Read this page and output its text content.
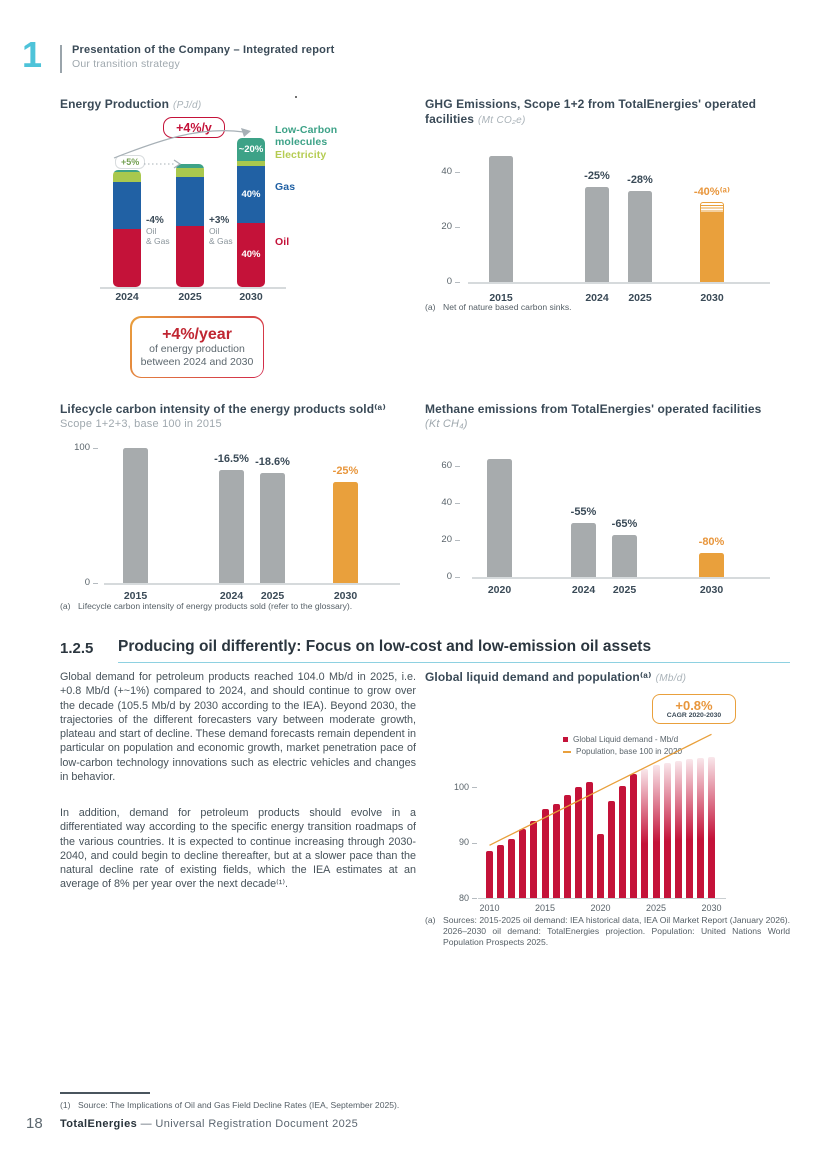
1	Presentation of the Company – Integrated report
Our transition strategy
Energy Production (PJ/d)
+4%/y
+5%
-4%
Oil
& Gas
+3%
Oil
& Gas
Low-Carbon molecules
Electricity
Gas
Oil
+4%/year
of energy production
between 2024 and 2030
GHG Emissions, Scope 1+2 from TotalEnergies' operated facilities (Mt CO₂e)
(a) Net of nature based carbon sinks.
Lifecycle carbon intensity of the energy products sold⁽ᵃ⁾
Scope 1+2+3, base 100 in 2015
(a) Lifecycle carbon intensity of energy products sold (refer to the glossary).
Methane emissions from TotalEnergies' operated facilities
(Kt CH₄)
1.2.5 Producing oil differently: Focus on low-cost and low-emission oil assets

Global demand for petroleum products reached 104.0 Mb/d in 2025, i.e. +0.8 Mb/d (+~1%) compared to 2024, and should continue to grow over the decade (105.5 Mb/d by 2030 according to the IEA). Beyond 2030, the trajectories of the different forecasters vary between moderate growth, plateau and start of decline. These demand forecasts remain dependent in particular on population and economic growth, market penetration pace of low-carbon technology innovations such as electric vehicles and changes in behavior.

In addition, demand for petroleum products should evolve in a differentiated way according to the specific energy transition roadmaps of the various countries. It is expected to continue increasing through 2030-2040, and could begin to decline thereafter, but at a slower pace than the natural decline rate of existing fields, which the IEA estimates at an average of 8% per year over the next decade⁽¹⁾.

Global liquid demand and population⁽ᵃ⁾ (Mb/d)
+0.8%
CAGR 2020-2030
Global Liquid demand - Mb/d
Population, base 100 in 2020
(a) Sources: 2015-2025 oil demand: IEA historical data, IEA Oil Market Report (January 2026). 2026–2030 oil demand: TotalEnergies projection. Population: United Nations World Population Prospects 2025.
(1) Source: The Implications of Oil and Gas Field Decline Rates (IEA, September 2025).
18 TotalEnergies — Universal Registration Document 2025
2024	2025
40%
40%
~20%
2030
0
20
40
2015
-25%
2024
-28%
2025
-40%⁽ᵃ⁾
2030
0
100
2015
-16.5%
2024
-18.6%
2025
-25%
2030
0
20
40
60
2020
-55%
2024
-65%
2025
-80%
2030
80
90
100
2010	2015	2020	2025	2030
